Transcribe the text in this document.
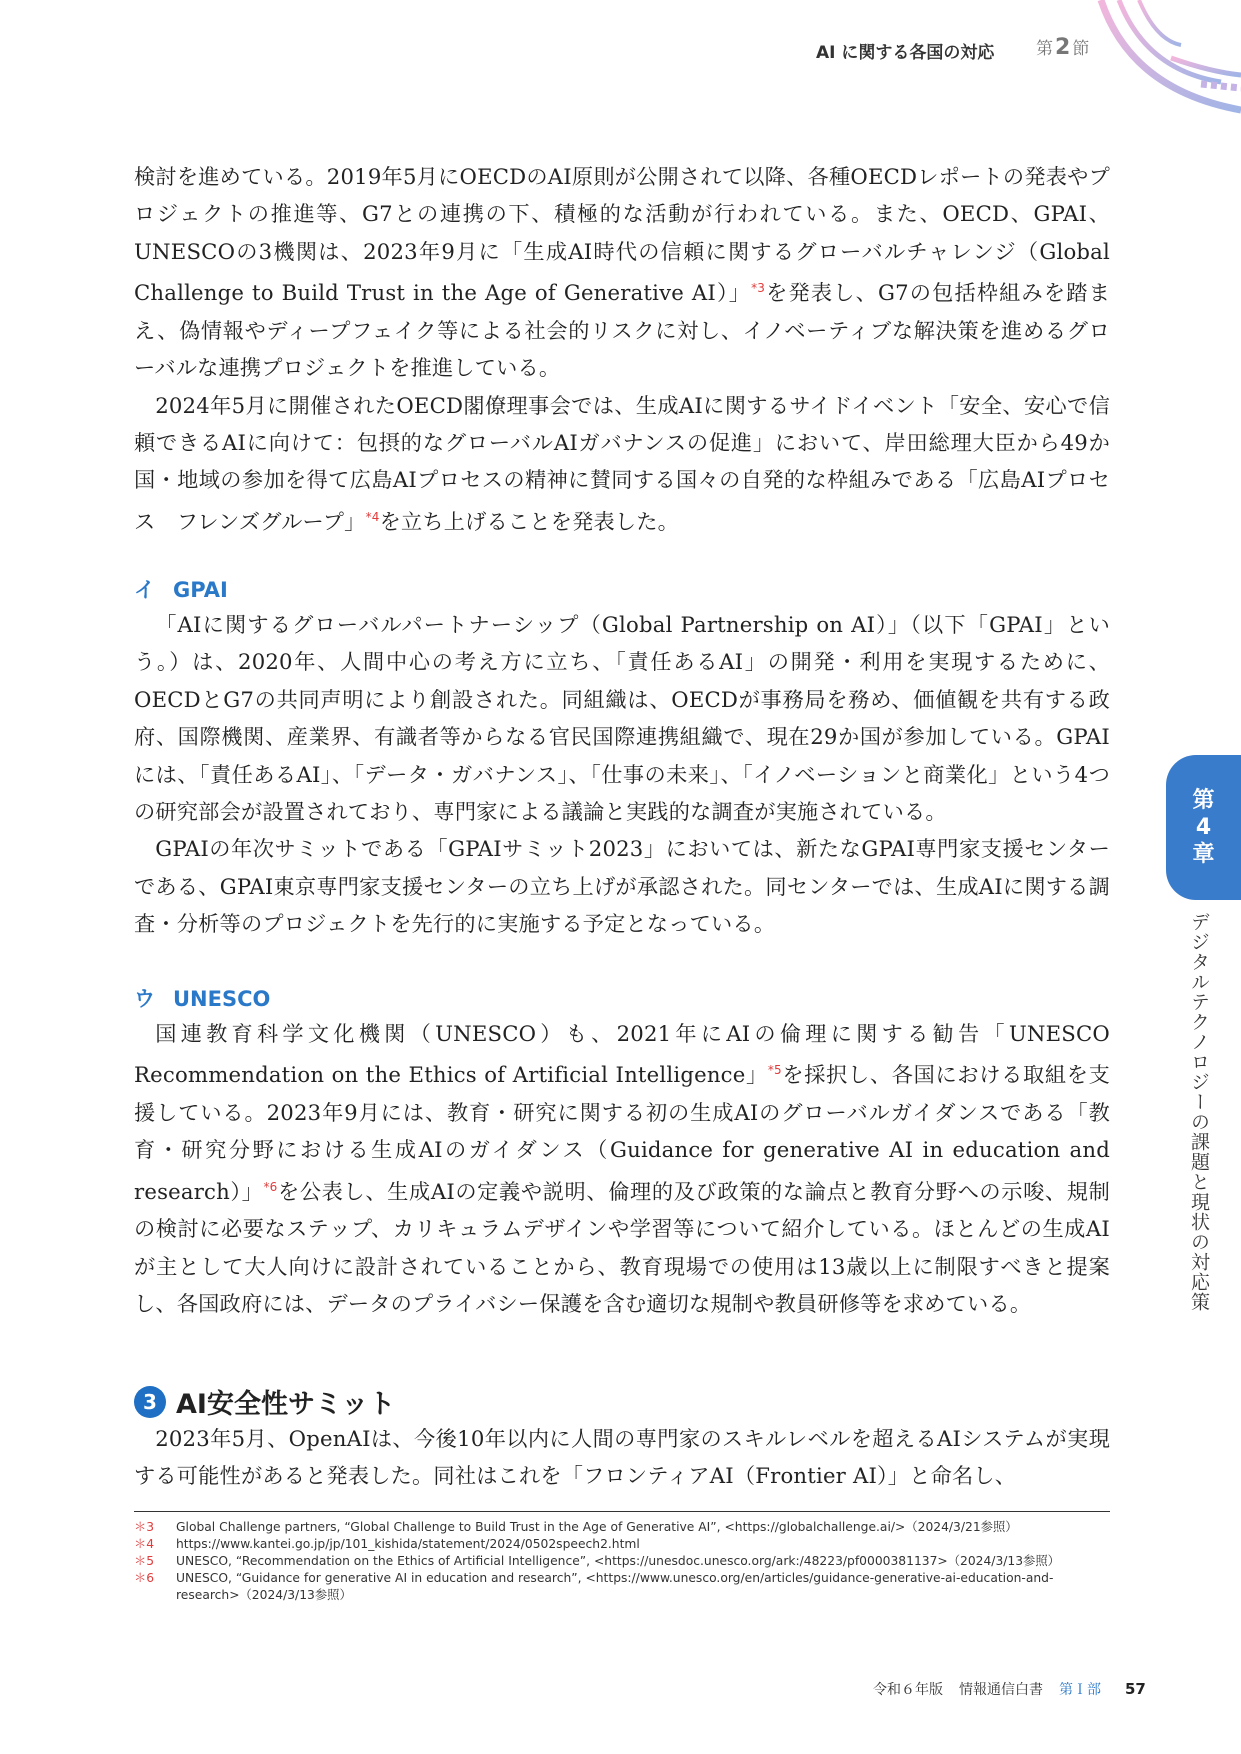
AI に関する各国の対応 第2 節

検討を進めている。2019年5月にOECDのAI原則が公開されて以降、各種OECDレポートの発表やプロジェクトの推進等、G7との連携の下、積極的な活動が行われている。また、OECD、GPAI、UNESCOの3機関は、2023年9月に「生成AI時代の信頼に関するグローバルチャレンジ（Global Challenge to Build Trust in the Age of Generative AI）」$^{*3}$を発表し、G7の包括枠組みを踏まえ、偽情報やディープフェイク等による社会的リスクに対し、イノベーティブな解決策を進めるグローバルな連携プロジェクトを推進している。

2024年5月に開催されたOECD閣僚理事会では、生成AIに関するサイドイベント「安全、安心で信頼できるAIに向けて：包摂的なグローバルAIガバナンスの促進」において、岸田総理大臣から49か国・地域の参加を得て広島AIプロセスの精神に賛同する国々の自発的な枠組みである「広島AIプロセス　フレンズグループ」$^{*4}$を立ち上げることを発表した。

イ GPAI

「AIに関するグローバルパートナーシップ（Global Partnership on AI）」（以下「GPAI」という。）は、2020年、人間中心の考え方に立ち、「責任あるAI」の開発・利用を実現するために、OECDとG7の共同声明により創設された。同組織は、OECDが事務局を務め、価値観を共有する政府、国際機関、産業界、有識者等からなる官民国際連携組織で、現在29か国が参加している。GPAIには、「責任あるAI」、「データ・ガバナンス」、「仕事の未来」、「イノベーションと商業化」という4つの研究部会が設置されており、専門家による議論と実践的な調査が実施されている。

GPAIの年次サミットである「GPAIサミット2023」においては、新たなGPAI専門家支援センターである、GPAI東京専門家支援センターの立ち上げが承認された。同センターでは、生成AIに関する調査・分析等のプロジェクトを先行的に実施する予定となっている。

ウ UNESCO

国連教育科学文化機関（UNESCO）も、2021年にAIの倫理に関する勧告「UNESCO Recommendation on the Ethics of Artificial Intelligence」$^{*5}$を採択し、各国における取組を支援している。2023年9月には、教育・研究に関する初の生成AIのグローバルガイダンスである「教育・研究分野における生成AIのガイダンス（Guidance for generative AI in education and research）」$^{*6}$を公表し、生成AIの定義や説明、倫理的及び政策的な論点と教育分野への示唆、規制の検討に必要なステップ、カリキュラムデザインや学習等について紹介している。ほとんどの生成AIが主として大人向けに設計されていることから、教育現場での使用は13歳以上に制限すべきと提案し、各国政府には、データのプライバシー保護を含む適切な規制や教員研修等を求めている。

3 AI安全性サミット

2023年5月、OpenAIは、今後10年以内に人間の専門家のスキルレベルを超えるAIシステムが実現する可能性があると発表した。同社はこれを「フロンティアAI（Frontier AI）」と命名し、

＊3	Global Challenge partners, “Global Challenge to Build Trust in the Age of Generative AI”, <https://globalchallenge.ai/>（2024/3/21参照）
＊4	https://www.kantei.go.jp/jp/101_kishida/statement/2024/0502speech2.html
＊5	UNESCO, “Recommendation on the Ethics of Artificial Intelligence”, <https://unesdoc.unesco.org/ark:/48223/pf0000381137>（2024/3/13参照）
＊6	UNESCO, “Guidance for generative AI in education and research”, <https://www.unesco.org/en/articles/guidance-generative-ai-education-and-research>（2024/3/13参照）
第
4
章
デジタルテクノロジーの課題と現状の対応策
令和６年版 情報通信白書 第Ｉ部 57
